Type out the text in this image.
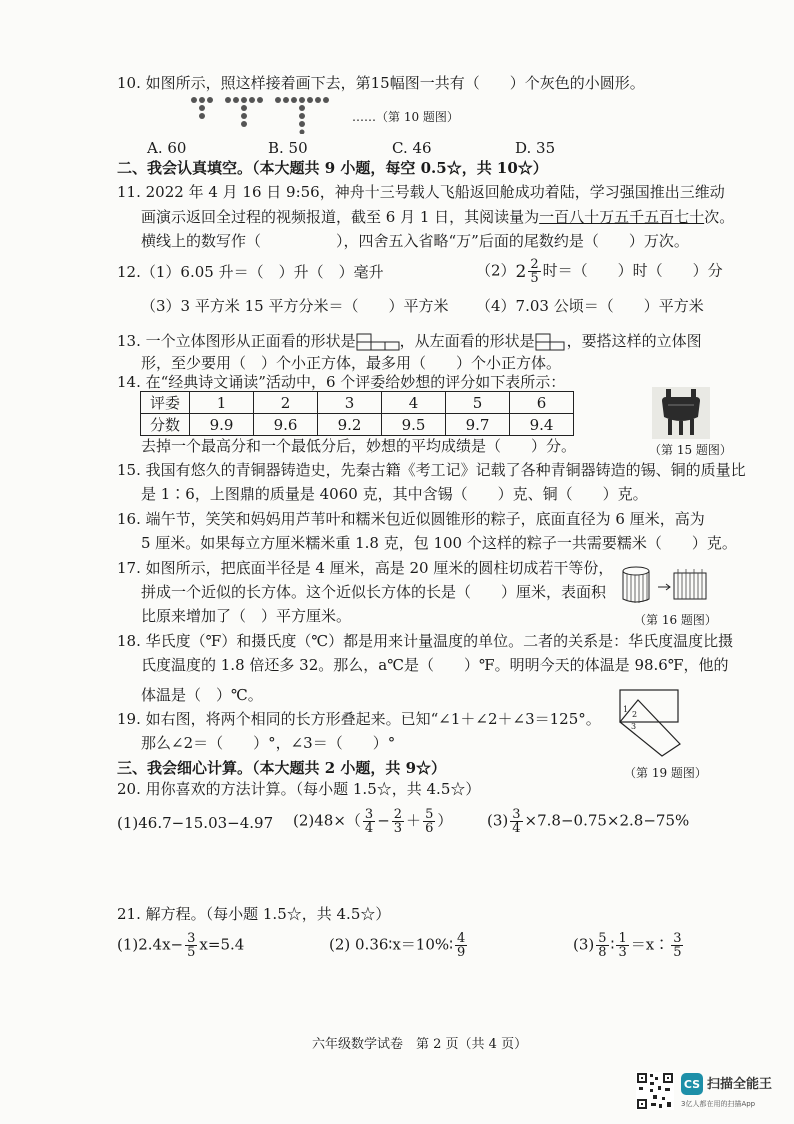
10. 如图所示，照这样接着画下去，第15幅图一共有（　　）个灰色的小圆形。
……（第 10 题图）
A. 60	B. 50	C. 46	D. 35
二、我会认真填空。（本大题共 9 小题，每空 0.5☆，共 10☆）
11. 2022 年 4 月 16 日 9:56，神舟十三号载人飞船返回舱成功着陆，学习强国推出三维动
画演示返回全过程的视频报道，截至 6 月 1 日，其阅读量为一百八十万五千五百七十次。
横线上的数写作（　　　　　），四舍五入省略“万”后面的尾数约是（　　）万次。
12.（1）6.05 升＝（　）升（　）毫升	（2） $2 \frac{2}{5}$ 时＝（　　）时（　　）分
（3）3 平方米 15 平方分米＝（　　）平方米 （4）7.03 公顷＝（　　）平方米
13. 一个立体图形从正面看的形状是	，从左面看的形状是 ，要搭这样的立体图
形，至少要用（　）个小正方体，最多用（　　）个小正方体。
14. 在“经典诗文诵读”活动中，6 个评委给妙想的评分如下表所示：
评委	1	2	3	4	5	6
分数	9.9	9.6	9.2	9.5	9.7	9.4
去掉一个最高分和一个最低分后，妙想的平均成绩是（　　）分。	（第 15 题图）
15. 我国有悠久的青铜器铸造史，先秦古籍《考工记》记载了各种青铜器铸造的锡、铜的质量比
是 1∶6，上图鼎的质量是 4060 克，其中含锡（　　）克、铜（　　）克。
16. 端午节，笑笑和妈妈用芦苇叶和糯米包近似圆锥形的粽子，底面直径为 6 厘米，高为
5 厘米。如果每立方厘米糯米重 1.8 克，包 100 个这样的粽子一共需要糯米（　　）克。
17. 如图所示，把底面半径是 4 厘米，高是 20 厘米的圆柱切成若干等份，
拼成一个近似的长方体。这个近似长方体的长是（　　）厘米，表面积
比原来增加了（　）平方厘米。	（第 16 题图）
18. 华氏度（℉）和摄氏度（℃）都是用来计量温度的单位。二者的关系是：华氏度温度比摄
氏度温度的 1.8 倍还多 32。那么，a℃是（　　）℉。明明今天的体温是 98.6℉，他的
体温是（　）℃。
19. 如右图，将两个相同的长方形叠起来。已知“∠1＋∠2＋∠3＝125°。
那么∠2＝（　　）°，∠3＝（　　）°
1
2
3
（第 19 题图）
三、我会细心计算。（本大题共 2 小题，共 9☆）
20. 用你喜欢的方法计算。（每小题 1.5☆，共 4.5☆）
(1)46.7−15.03−4.97 $(2)48\times( \frac{3}{4} - \frac{2}{3} + \frac{5}{6}$ ） $(3) \frac{3}{4} \times 7.8-0.75\times 2.8-75\%$
21. 解方程。（每小题 1.5☆，共 4.5☆）
$(1)2.4x- \frac{3}{5} x=5.4$	(2) 0.36∶x＝10%∶ $\frac{4}{9}$	$(3) \frac{5}{8}$ ∶ $\frac{1}{3}$ ＝x∶ $\frac{3}{5}$
六年级数学试卷　第 2 页（共 4 页）
CS 扫描全能王
3亿人都在用的扫描App
